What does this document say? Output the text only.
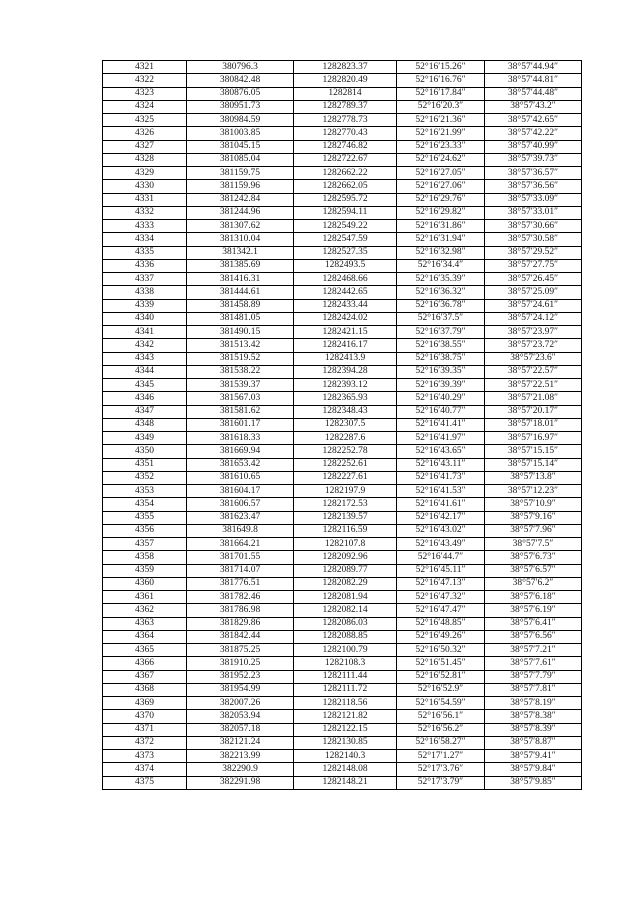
4321	380796.3	1282823.37	52°16′15.26″	38°57′44.94″
4322	380842.48	1282820.49	52°16′16.76″	38°57′44.81″
4323	380876.05	1282814	52°16′17.84″	38°57′44.48″
4324	380951.73	1282789.37	52°16′20.3″	38°57′43.2″
4325	380984.59	1282778.73	52°16′21.36″	38°57′42.65″
4326	381003.85	1282770.43	52°16′21.99″	38°57′42.22″
4327	381045.15	1282746.82	52°16′23.33″	38°57′40.99″
4328	381085.04	1282722.67	52°16′24.62″	38°57′39.73″
4329	381159.75	1282662.22	52°16′27.05″	38°57′36.57″
4330	381159.96	1282662.05	52°16′27.06″	38°57′36.56″
4331	381242.84	1282595.72	52°16′29.76″	38°57′33.09″
4332	381244.96	1282594.11	52°16′29.82″	38°57′33.01″
4333	381307.62	1282549.22	52°16′31.86″	38°57′30.66″
4334	381310.04	1282547.59	52°16′31.94″	38°57′30.58″
4335	381342.1	1282527.35	52°16′32.98″	38°57′29.52″
4336	381385.69	1282493.5	52°16′34.4″	38°57′27.75″
4337	381416.31	1282468.66	52°16′35.39″	38°57′26.45″
4338	381444.61	1282442.65	52°16′36.32″	38°57′25.09″
4339	381458.89	1282433.44	52°16′36.78″	38°57′24.61″
4340	381481.05	1282424.02	52°16′37.5″	38°57′24.12″
4341	381490.15	1282421.15	52°16′37.79″	38°57′23.97″
4342	381513.42	1282416.17	52°16′38.55″	38°57′23.72″
4343	381519.52	1282413.9	52°16′38.75″	38°57′23.6″
4344	381538.22	1282394.28	52°16′39.35″	38°57′22.57″
4345	381539.37	1282393.12	52°16′39.39″	38°57′22.51″
4346	381567.03	1282365.93	52°16′40.29″	38°57′21.08″
4347	381581.62	1282348.43	52°16′40.77″	38°57′20.17″
4348	381601.17	1282307.5	52°16′41.41″	38°57′18.01″
4349	381618.33	1282287.6	52°16′41.97″	38°57′16.97″
4350	381669.94	1282252.78	52°16′43.65″	38°57′15.15″
4351	381653.42	1282252.61	52°16′43.11″	38°57′15.14″
4352	381610.65	1282227.61	52°16′41.73″	38°57′13.8″
4353	381604.17	1282197.9	52°16′41.53″	38°57′12.23″
4354	381606.57	1282172.53	52°16′41.61″	38°57′10.9″
4355	381623.47	1282139.57	52°16′42.17″	38°57′9.16″
4356	381649.8	1282116.59	52°16′43.02″	38°57′7.96″
4357	381664.21	1282107.8	52°16′43.49″	38°57′7.5″
4358	381701.55	1282092.96	52°16′44.7″	38°57′6.73″
4359	381714.07	1282089.77	52°16′45.11″	38°57′6.57″
4360	381776.51	1282082.29	52°16′47.13″	38°57′6.2″
4361	381782.46	1282081.94	52°16′47.32″	38°57′6.18″
4362	381786.98	1282082.14	52°16′47.47″	38°57′6.19″
4363	381829.86	1282086.03	52°16′48.85″	38°57′6.41″
4364	381842.44	1282088.85	52°16′49.26″	38°57′6.56″
4365	381875.25	1282100.79	52°16′50.32″	38°57′7.21″
4366	381910.25	1282108.3	52°16′51.45″	38°57′7.61″
4367	381952.23	1282111.44	52°16′52.81″	38°57′7.79″
4368	381954.99	1282111.72	52°16′52.9″	38°57′7.81″
4369	382007.26	1282118.56	52°16′54.59″	38°57′8.19″
4370	382053.94	1282121.82	52°16′56.1″	38°57′8.38″
4371	382057.18	1282122.15	52°16′56.2″	38°57′8.39″
4372	382121.24	1282130.85	52°16′58.27″	38°57′8.87″
4373	382213.99	1282140.3	52°17′1.27″	38°57′9.41″
4374	382290.9	1282148.08	52°17′3.76″	38°57′9.84″
4375	382291.98	1282148.21	52°17′3.79″	38°57′9.85″
